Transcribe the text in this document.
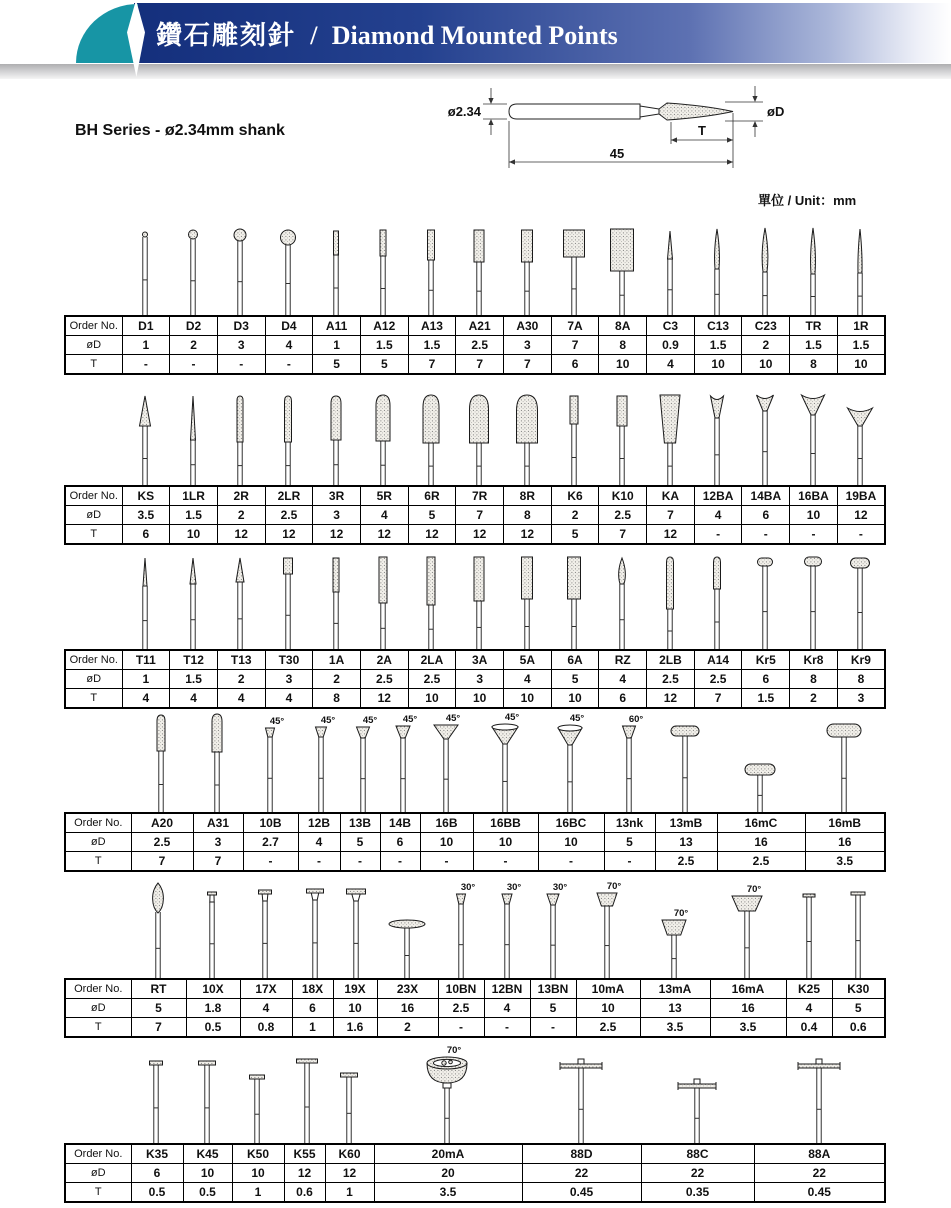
鑽石雕刻針 / Diamond Mounted Points
BH Series - ø2.34mm shank
ø2.34	øD
T
45
單位 / Unit：mm

Order No.	D1	D2	D3	D4	A11	A12	A13	A21	A30	7A	8A	C3	C13	C23	TR	1R
øD	1	2	3	4	1	1.5	1.5	2.5	3	7	8	0.9	1.5	2	1.5	1.5
T	-	-	-	-	5	5	7	7	7	6	10	4	10	10	8	10

Order No.	KS	1LR	2R	2LR	3R	5R	6R	7R	8R	K6	K10	KA	12BA	14BA	16BA	19BA
øD	3.5	1.5	2	2.5	3	4	5	7	8	2	2.5	7	4	6	10	12
T	6	10	12	12	12	12	12	12	12	5	7	12	-	-	-	-

Order No.	T11	T12	T13	T30	1A	2A	2LA	3A	5A	6A	RZ	2LB	A14	Kr5	Kr8	Kr9
øD	1	1.5	2	3	2	2.5	2.5	3	4	5	4	2.5	2.5	6	8	8
T	4	4	4	4	8	12	10	10	10	10	6	12	7	1.5	2	3

45°	45°	45°	45°	45°	45°	45°	60°

Order No.	A20	A31	10B	12B	13B	14B	16B	16BB	16BC	13nk	13mB	16mC	16mB
øD	2.5	3	2.7	4	5	6	10	10	10	5	13	16	16
T	7	7	-	-	-	-	-	-	-	-	2.5	2.5	3.5

30°	30°	30°	70°

70°

70°

Order No.	RT	10X	17X	18X	19X	23X	10BN	12BN	13BN	10mA	13mA	16mA	K25	K30
øD	5	1.8	4	6	10	16	2.5	4	5	10	13	16	4	5
T	7	0.5	0.8	1	1.6	2	-	-	-	2.5	3.5	3.5	0.4	0.6

70°

Order No.	K35	K45	K50	K55	K60	20mA	88D	88C	88A
øD	6	10	10	12	12	20	22	22	22
T	0.5	0.5	1	0.6	1	3.5	0.45	0.35	0.45
